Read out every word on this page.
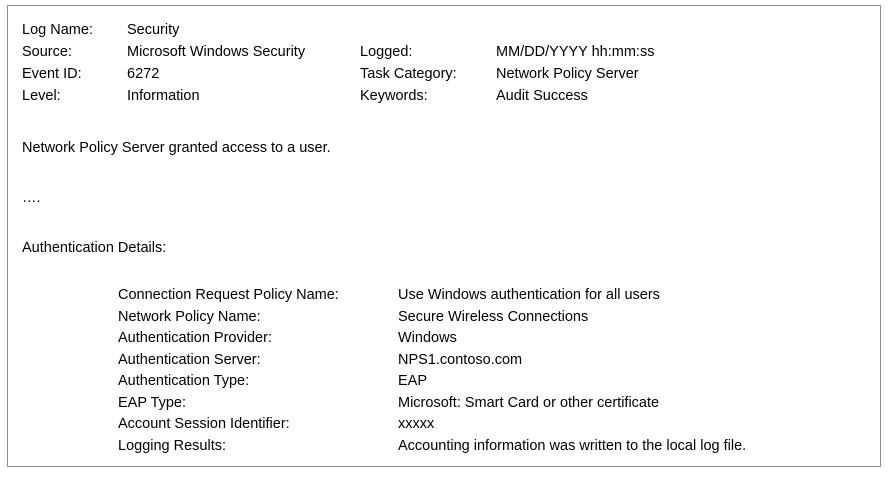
Log Name:	Security		
Source:	Microsoft Windows Security	Logged:	MM/DD/YYYY hh:mm:ss
Event ID:	6272	Task Category:	Network Policy Server
Level:	Information	Keywords:	Audit Success

Network Policy Server granted access to a user.

….

Authentication Details:

Connection Request Policy Name:	Use Windows authentication for all users
Network Policy Name:	Secure Wireless Connections
Authentication Provider:	Windows
Authentication Server:	NPS1.contoso.com
Authentication Type:	EAP
EAP Type:	Microsoft: Smart Card or other certificate
Account Session Identifier:	xxxxx
Logging Results:	Accounting information was written to the local log file.
